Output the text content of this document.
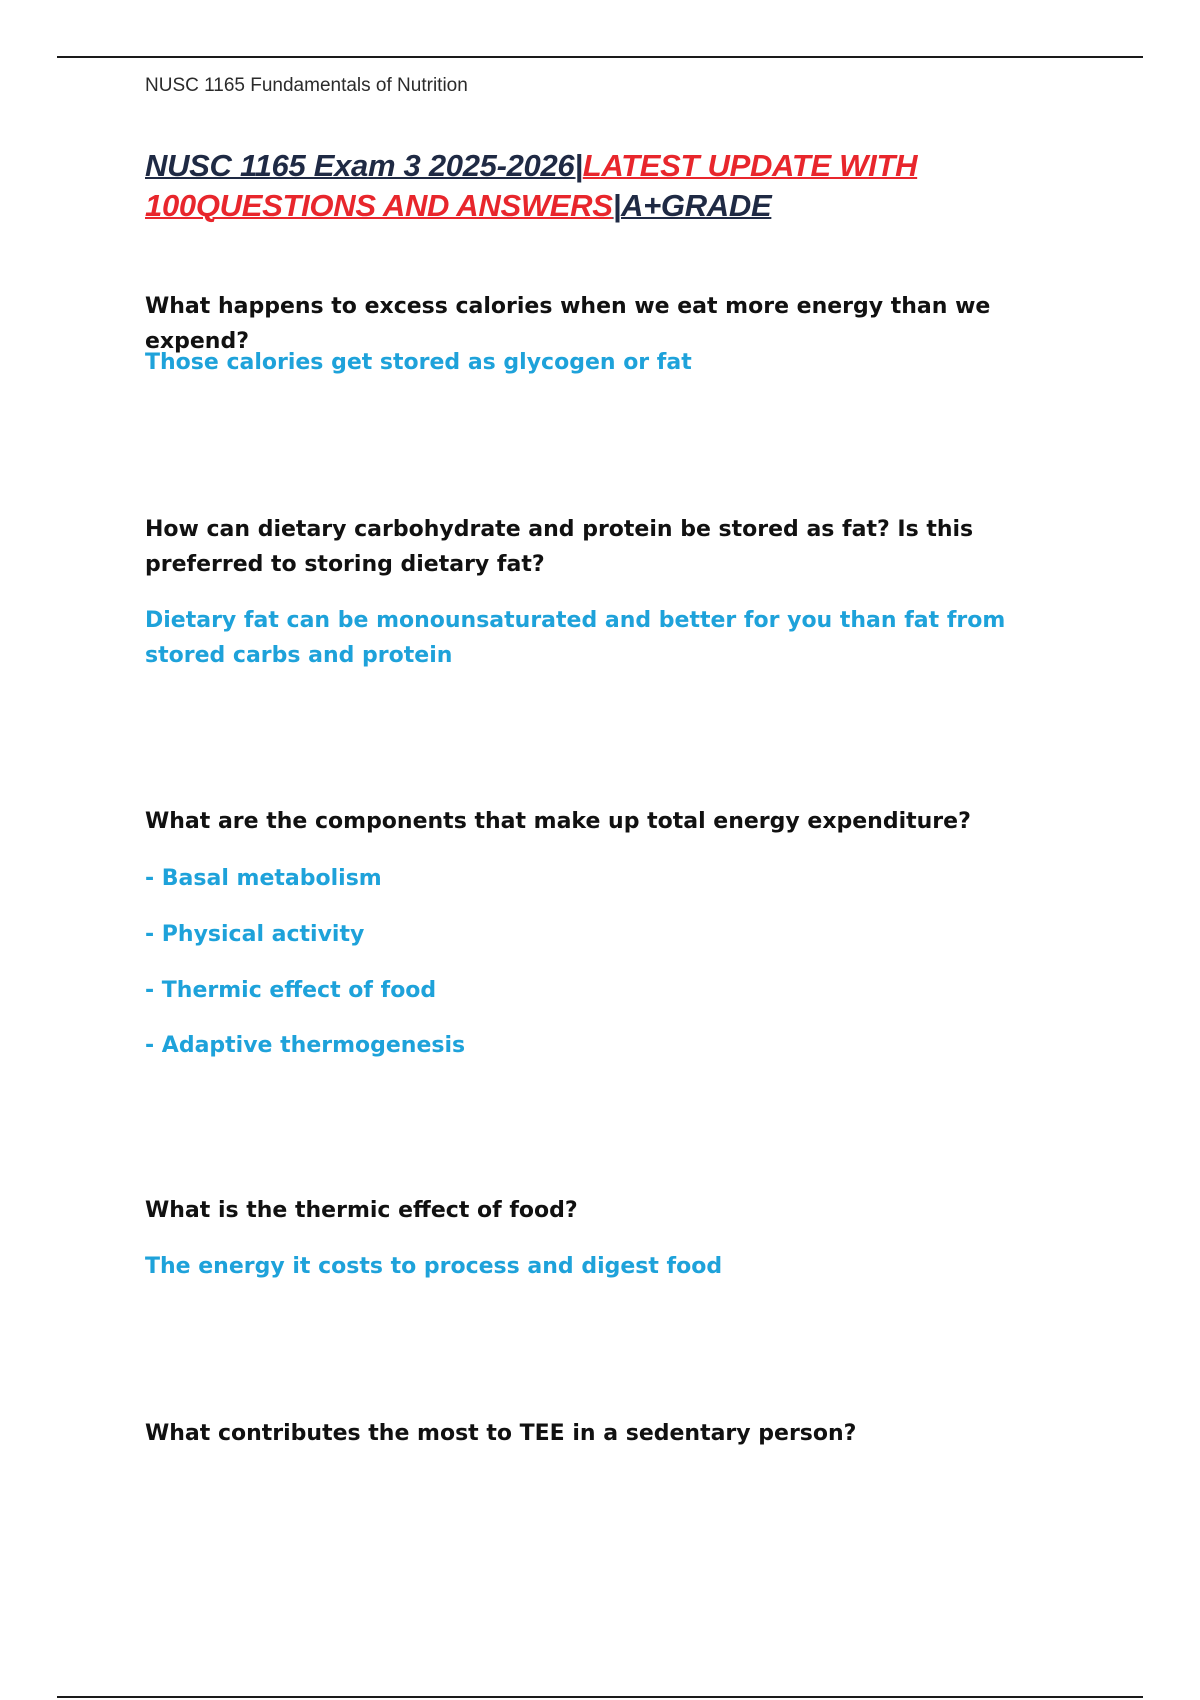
NUSC 1165 Fundamentals of Nutrition
NUSC 1165 Exam 3 2025-2026|LATEST UPDATE WITH 100QUESTIONS AND ANSWERS|A+GRADE
What happens to excess calories when we eat more energy than we expend?
Those calories get stored as glycogen or fat
How can dietary carbohydrate and protein be stored as fat? Is this preferred to storing dietary fat?
Dietary fat can be monounsaturated and better for you than fat from stored carbs and protein
What are the components that make up total energy expenditure?
- Basal metabolism
- Physical activity
- Thermic effect of food
- Adaptive thermogenesis
What is the thermic effect of food?
The energy it costs to process and digest food
What contributes the most to TEE in a sedentary person?
